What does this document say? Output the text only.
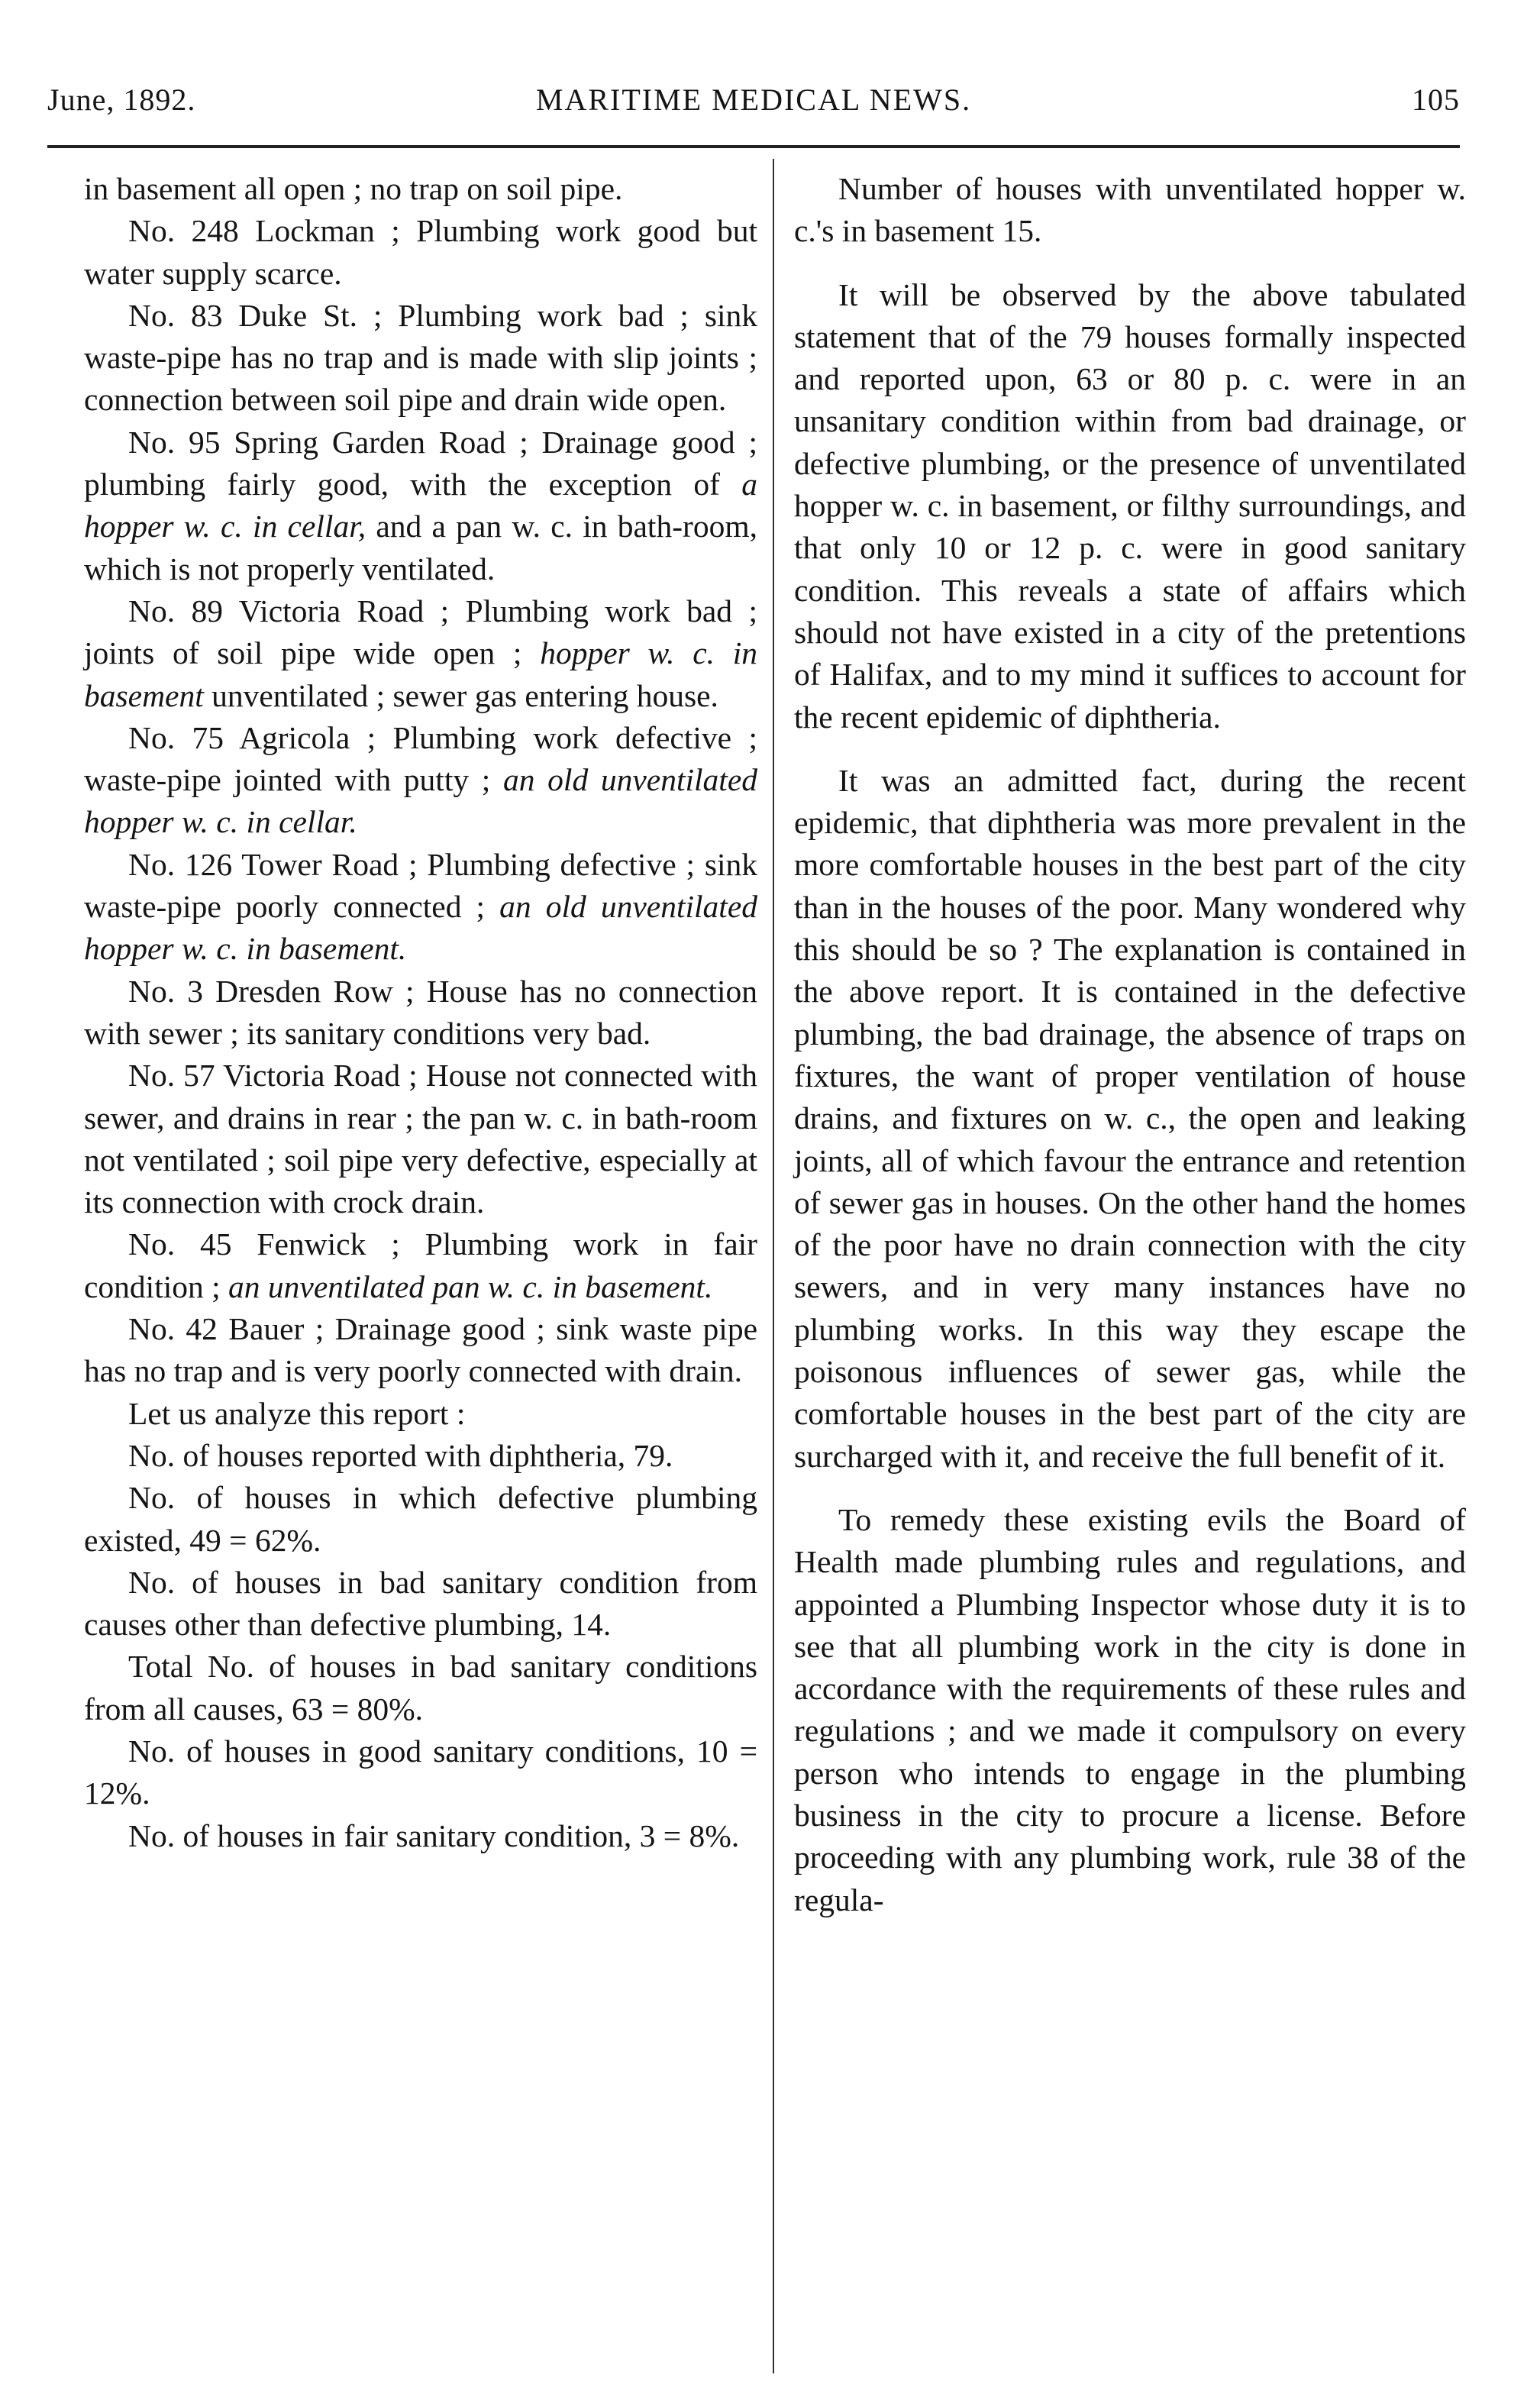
June, 1892.	MARITIME MEDICAL NEWS.	105

in basement all open ; no trap on soil pipe.

No. 248 Lockman ; Plumbing work good but water supply scarce.

No. 83 Duke St. ; Plumbing work bad ; sink waste-pipe has no trap and is made with slip joints ; connection between soil pipe and drain wide open.

No. 95 Spring Garden Road ; Drainage good ; plumbing fairly good, with the exception of a hopper w. c. in cellar, and a pan w. c. in bath-room, which is not properly ventilated.

No. 89 Victoria Road ; Plumbing work bad ; joints of soil pipe wide open ; hopper w. c. in basement unventilated ; sewer gas entering house.

No. 75 Agricola ; Plumbing work defective ; waste-pipe jointed with putty ; an old unventilated hopper w. c. in cellar.

No. 126 Tower Road ; Plumbing defective ; sink waste-pipe poorly connected ; an old unventilated hopper w. c. in basement.

No. 3 Dresden Row ; House has no connection with sewer ; its sanitary conditions very bad.

No. 57 Victoria Road ; House not connected with sewer, and drains in rear ; the pan w. c. in bath-room not ventilated ; soil pipe very defective, especially at its connection with crock drain.

No. 45 Fenwick ; Plumbing work in fair condition ; an unventilated pan w. c. in basement.

No. 42 Bauer ; Drainage good ; sink waste pipe has no trap and is very poorly connected with drain.

Let us analyze this report :

No. of houses reported with diphtheria, 79.

No. of houses in which defective plumbing existed, 49 = 62%.

No. of houses in bad sanitary condition from causes other than defective plumbing, 14.

Total No. of houses in bad sanitary conditions from all causes, 63 = 80%.

No. of houses in good sanitary conditions, 10 = 12%.

No. of houses in fair sanitary condition, 3 = 8%.

Number of houses with unventilated hopper w. c.'s in basement 15.

It will be observed by the above tabulated statement that of the 79 houses formally inspected and reported upon, 63 or 80 p. c. were in an unsanitary condition within from bad drainage, or defective plumbing, or the presence of unventilated hopper w. c. in basement, or filthy surroundings, and that only 10 or 12 p. c. were in good sanitary condition. This reveals a state of affairs which should not have existed in a city of the pretentions of Halifax, and to my mind it suffices to account for the recent epidemic of diphtheria.

It was an admitted fact, during the recent epidemic, that diphtheria was more prevalent in the more comfortable houses in the best part of the city than in the houses of the poor. Many wondered why this should be so ? The explanation is contained in the above report. It is contained in the defective plumbing, the bad drainage, the absence of traps on fixtures, the want of proper ventilation of house drains, and fixtures on w. c., the open and leaking joints, all of which favour the entrance and retention of sewer gas in houses. On the other hand the homes of the poor have no drain connection with the city sewers, and in very many instances have no plumbing works. In this way they escape the poisonous influences of sewer gas, while the comfortable houses in the best part of the city are surcharged with it, and receive the full benefit of it.

To remedy these existing evils the Board of Health made plumbing rules and regulations, and appointed a Plumbing Inspector whose duty it is to see that all plumbing work in the city is done in accordance with the requirements of these rules and regulations ; and we made it compulsory on every person who intends to engage in the plumbing business in the city to procure a license. Before proceeding with any plumbing work, rule 38 of the regula-
